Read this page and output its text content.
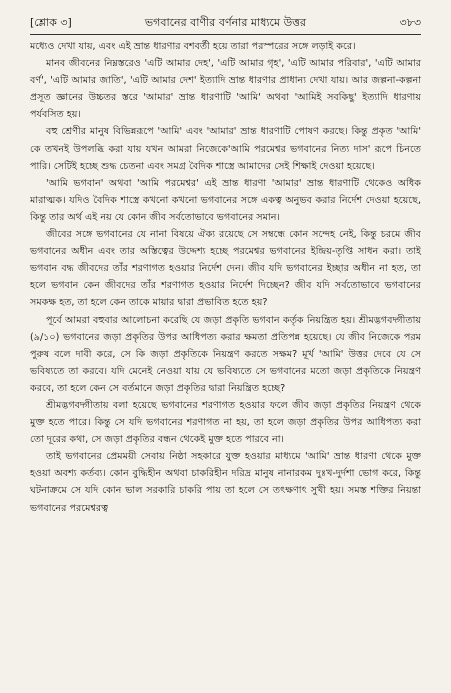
[শ্লোক ৩]	ভগবানের বাণীর বর্ণনার মাধ্যমে উত্তর	৩৮৩

মধ্যেও দেখা যায়, এবং এই ভ্রান্ত ধারণার বশবর্তী হয়ে তারা পরস্পরের সঙ্গে লড়াই করে।

মানব জীবনের নিম্নস্তরেও 'এটি আমার দেহ', 'এটি আমার গৃহ', 'এটি আমার পরিবার', 'এটি আমার বর্ণ', 'এটি আমার জাতি', 'এটি আমার দেশ' ইত্যাদি ভ্রান্ত ধারণার প্রাধান্য দেখা যায়। আর জল্পনা-কল্পনা প্রসূত জ্ঞানের উচ্চতর স্তরে 'আমার' ভ্রান্ত ধারণাটি 'আমি' অথবা 'আমিই সবকিছু' ইত্যাদি ধারণায় পর্যবসিত হয়।

বহু শ্রেণীর মানুষ বিভিন্নরূপে 'আমি' এবং 'আমার' ভ্রান্ত ধারণাটি পোষণ করছে। কিন্তু প্রকৃত 'আমি' কে তখনই উপলব্ধি করা যায় যখন আমরা নিজেকে'আমি পরমেশ্বর ভগবানের নিত্য দাস' রূপে চিনতে পারি। সেটিই হচ্ছে শুদ্ধ চেতনা এবং সমগ্র বৈদিক শাস্ত্রে আমাদের সেই শিক্ষাই দেওয়া হয়েছে।

'আমি ভগবান' অথবা 'আমি পরমেশ্বর' এই ভ্রান্ত ধারণা 'আমার' ভ্রান্ত ধারণাটি থেকেও অধিক মারাত্মক। যদিও বৈদিক শাস্ত্রে কখনো কখনো ভগবানের সঙ্গে একত্ব অনুভব করার নির্দেশ দেওয়া হয়েছে, কিন্তু তার অর্থ এই নয় যে কোন জীব সর্বতোভাবে ভগবানের সমান।

জীবের সঙ্গে ভগবানের যে নানা বিষয়ে ঐক্য রয়েছে সে সম্বন্ধে কোন সন্দেহ নেই, কিন্তু চরমে জীব ভগবানের অধীন এবং তার অস্তিত্বের উদ্দেশ্য হচ্ছে পরমেশ্বর ভগবানের ইন্দ্রিয়-তৃপ্তি সাধন করা। তাই ভগবান বদ্ধ জীবদের তাঁর শরণাগত হওয়ার নির্দেশ দেন। জীব যদি ভগবানের ইচ্ছার অধীন না হত, তা হলে ভগবান কেন জীবদের তাঁর শরণাগত হওয়ার নির্দেশ দিচ্ছেন? জীব যদি সর্বতোভাবে ভগবানের সমকক্ষ হত, তা হলে কেন তাকে মায়ার দ্বারা প্রভাবিত হতে হয়?

পূর্বে আমরা বহুবার আলোচনা করেছি যে জড়া প্রকৃতি ভগবান কর্তৃক নিয়ন্ত্রিত হয়। শ্রীমদ্ভগবদ্গীতায় (৯/১০) ভগবানের জড়া প্রকৃতির উপর আধিপত্য করার ক্ষমতা প্রতিপন্ন হয়েছে। যে জীব নিজেকে পরম পুরুষ বলে দাবী করে, সে কি জড়া প্রকৃতিকে নিয়ন্ত্রণ করতে সক্ষম? মূর্খ 'আমি' উত্তর দেবে যে সে ভবিষ্যতে তা করবে। যদি মেনেই নেওয়া যায় যে ভবিষ্যতে সে ভগবানের মতো জড়া প্রকৃতিকে নিয়ন্ত্রণ করবে, তা হলে কেন সে বর্তমানে জড়া প্রকৃতির দ্বারা নিয়ন্ত্রিত হচ্ছে?

শ্রীমদ্ভগবদ্গীতায় বলা হয়েছে ভগবানের শরণাগত হওয়ার ফলে জীব জড়া প্রকৃতির নিয়ন্ত্রণ থেকে মুক্ত হতে পারে। কিন্তু সে যদি ভগবানের শরণাগত না হয়, তা হলে জড়া প্রকৃতির উপর আধিপত্য করা তো দূরের কথা, সে জড়া প্রকৃতির বন্ধন থেকেই মুক্ত হতে পারবে না।

তাই ভগবানের প্রেমময়ী সেবায় নিষ্ঠা সহকারে যুক্ত হওয়ার মাধ্যমে 'আমি' ভ্রান্ত ধারণা থেকে মুক্ত হওয়া অবশ্য কর্তব্য। কোন বুদ্ধিহীন অথবা চাকরিহীন দরিদ্র মানুষ নানারকম দুঃখ-দুর্দশা ভোগ করে, কিন্তু ঘটনাক্রমে সে যদি কোন ভাল সরকারি চাকরি পায় তা হলে সে তৎক্ষণাৎ সুখী হয়। সমস্ত শক্তির নিয়ন্তা ভগবানের পরমেশ্বরত্ব
